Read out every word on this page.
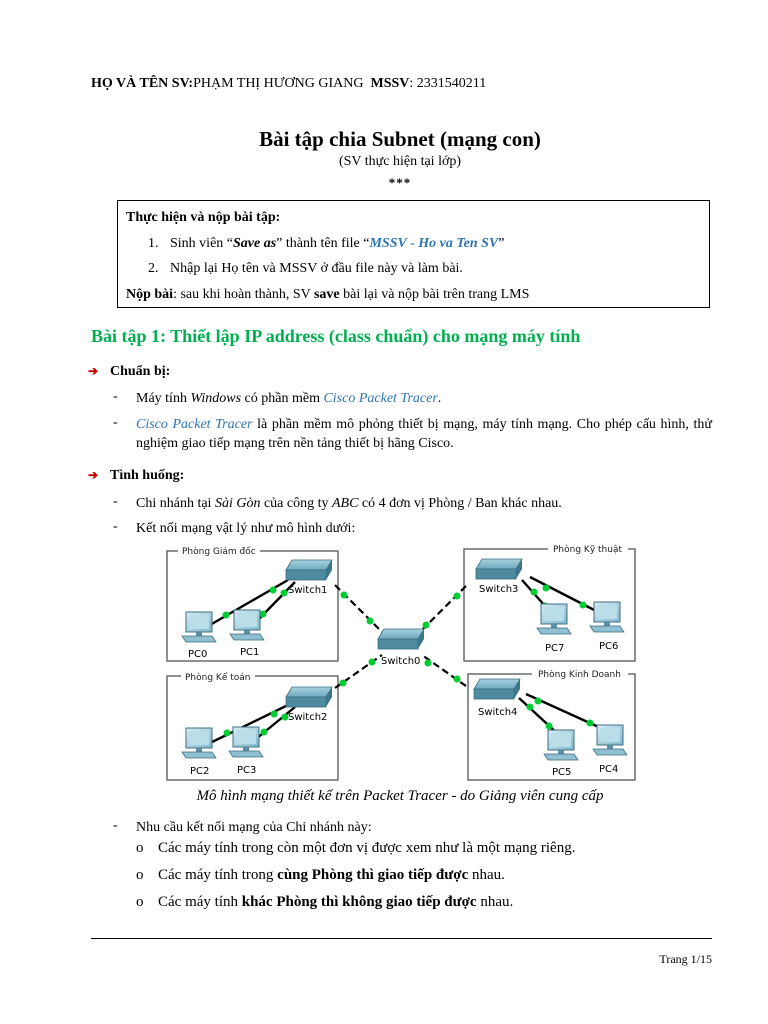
HỌ VÀ TÊN SV:PHẠM THỊ HƯƠNG GIANG MSSV: 2331540211
Bài tập chia Subnet (mạng con)
(SV thực hiện tại lớp)
***
Thực hiện và nộp bài tập:
1. Sinh viên “Save as” thành tên file “MSSV - Ho va Ten SV”
2. Nhập lại Họ tên và MSSV ở đầu file này và làm bài.
Nộp bài: sau khi hoàn thành, SV save bài lại và nộp bài trên trang LMS
Bài tập 1: Thiết lập IP address (class chuẩn) cho mạng máy tính
➔ Chuẩn bị:
- Máy tính Windows có phần mềm Cisco Packet Tracer.
- Cisco Packet Tracer là phần mềm mô phỏng thiết bị mạng, máy tính mạng. Cho phép cấu hình, thử nghiệm giao tiếp mạng trên nền tảng thiết bị hãng Cisco.
➔ Tình huống:
- Chi nhánh tại Sài Gòn của công ty ABC có 4 đơn vị Phòng / Ban khác nhau.
- Kết nối mạng vật lý như mô hình dưới:
Phòng Giám đốc	Phòng Kỹ thuật
Phòng Kế toán	Phòng Kinh Doanh
Switch0
Switch1
Switch2
Switch3
Switch4
PC0	PC1
PC2	PC3	PC4
PC5
PC6
PC7
Mô hình mạng thiết kế trên Packet Tracer - do Giảng viên cung cấp
- Nhu cầu kết nối mạng của Chi nhánh này:
o Các máy tính trong còn một đơn vị được xem như là một mạng riêng.
o Các máy tính trong cùng Phòng thì giao tiếp được nhau.
o Các máy tính khác Phòng thì không giao tiếp được nhau.
Trang 1/15
